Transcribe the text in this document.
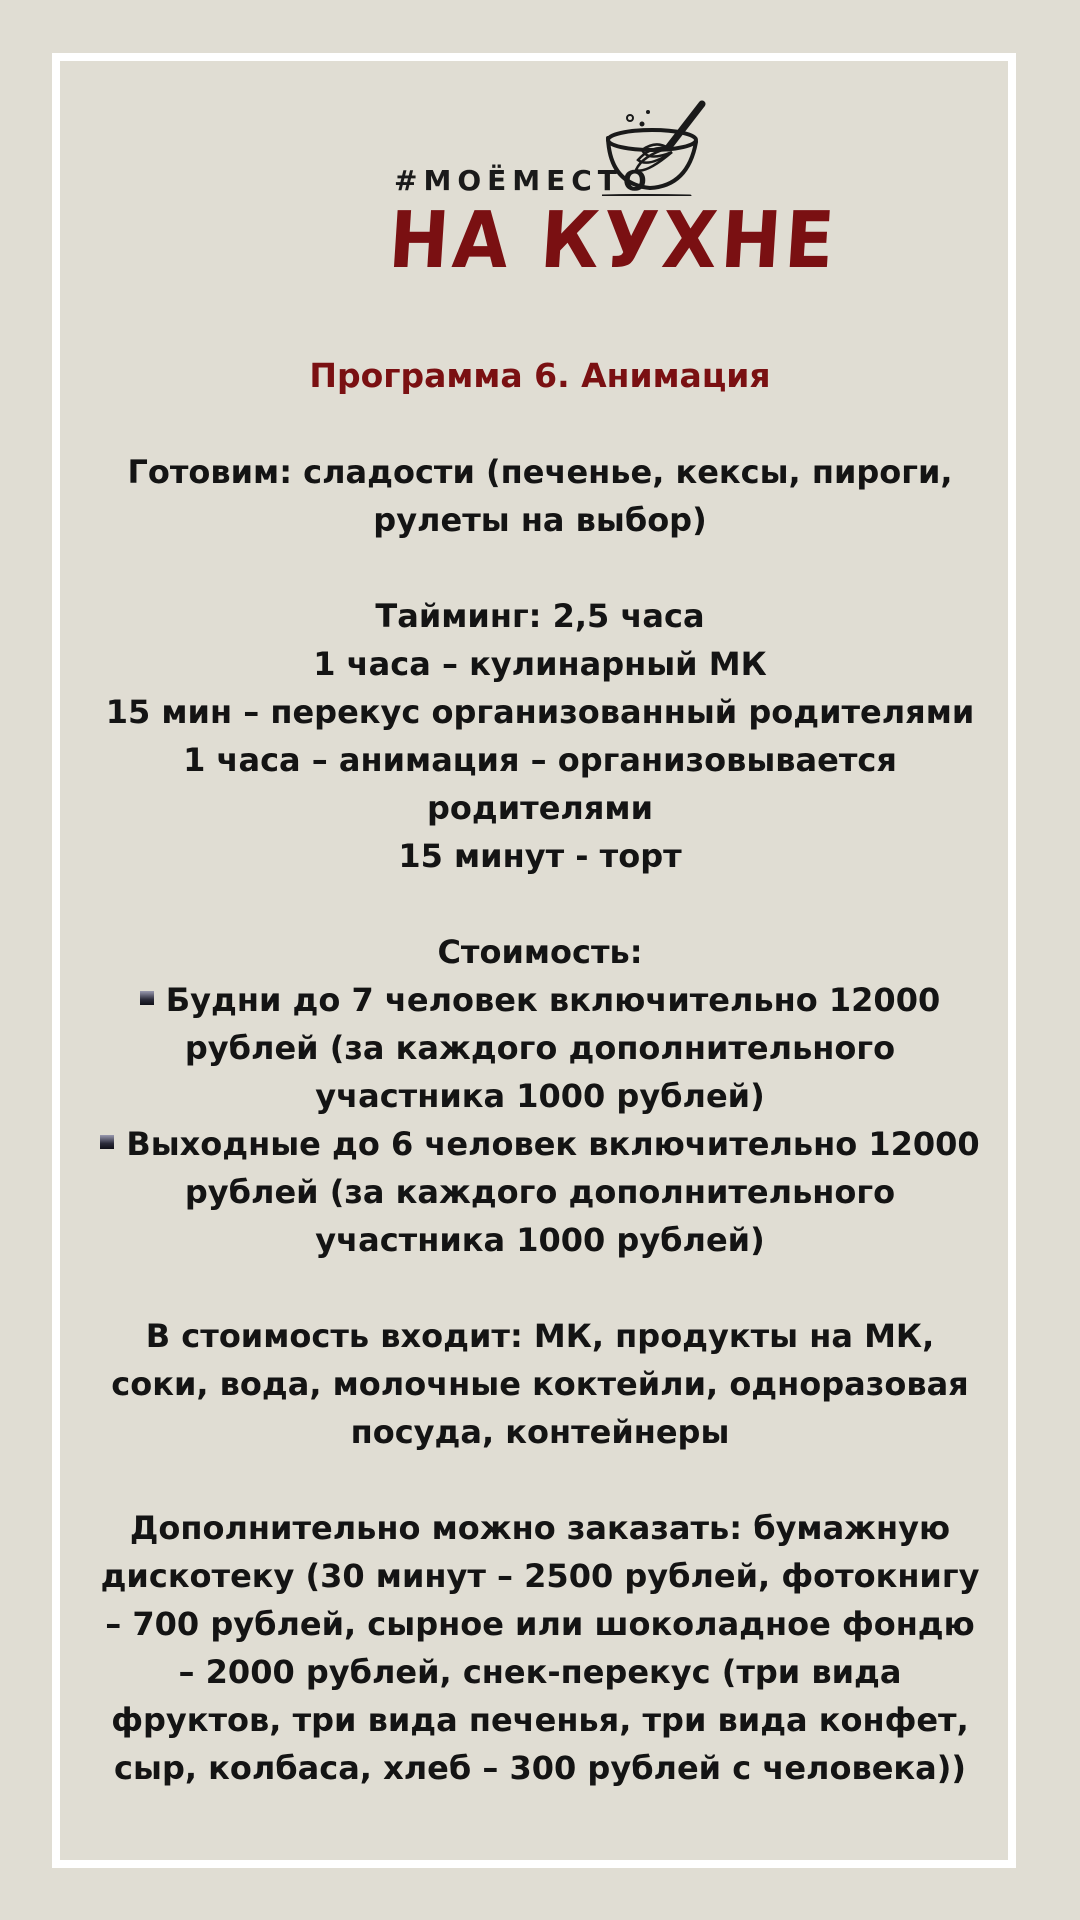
#МОЁМЕСТО
НА КУХНЕ

Программа 6. Анимация

Готовим: сладости (печенье, кексы, пироги, рулеты на выбор)

Тайминг: 2,5 часа

1 часа – кулинарный МК

15 мин – перекус организованный родителями

1 часа – анимация – организовывается родителями

15 минут - торт

Стоимость:

Будни до 7 человек включительно 12000 рублей (за каждого дополнительного участника 1000 рублей)

Выходные до 6 человек включительно 12000 рублей (за каждого дополнительного участника 1000 рублей)

В стоимость входит: МК, продукты на МК, соки, вода, молочные коктейли, одноразовая посуда, контейнеры

Дополнительно можно заказать: бумажную дискотеку (30 минут – 2500 рублей, фотокнигу – 700 рублей, сырное или шоколадное фондю – 2000 рублей, снек-перекус (три вида фруктов, три вида печенья, три вида конфет, сыр, колбаса, хлеб – 300 рублей с человека))
